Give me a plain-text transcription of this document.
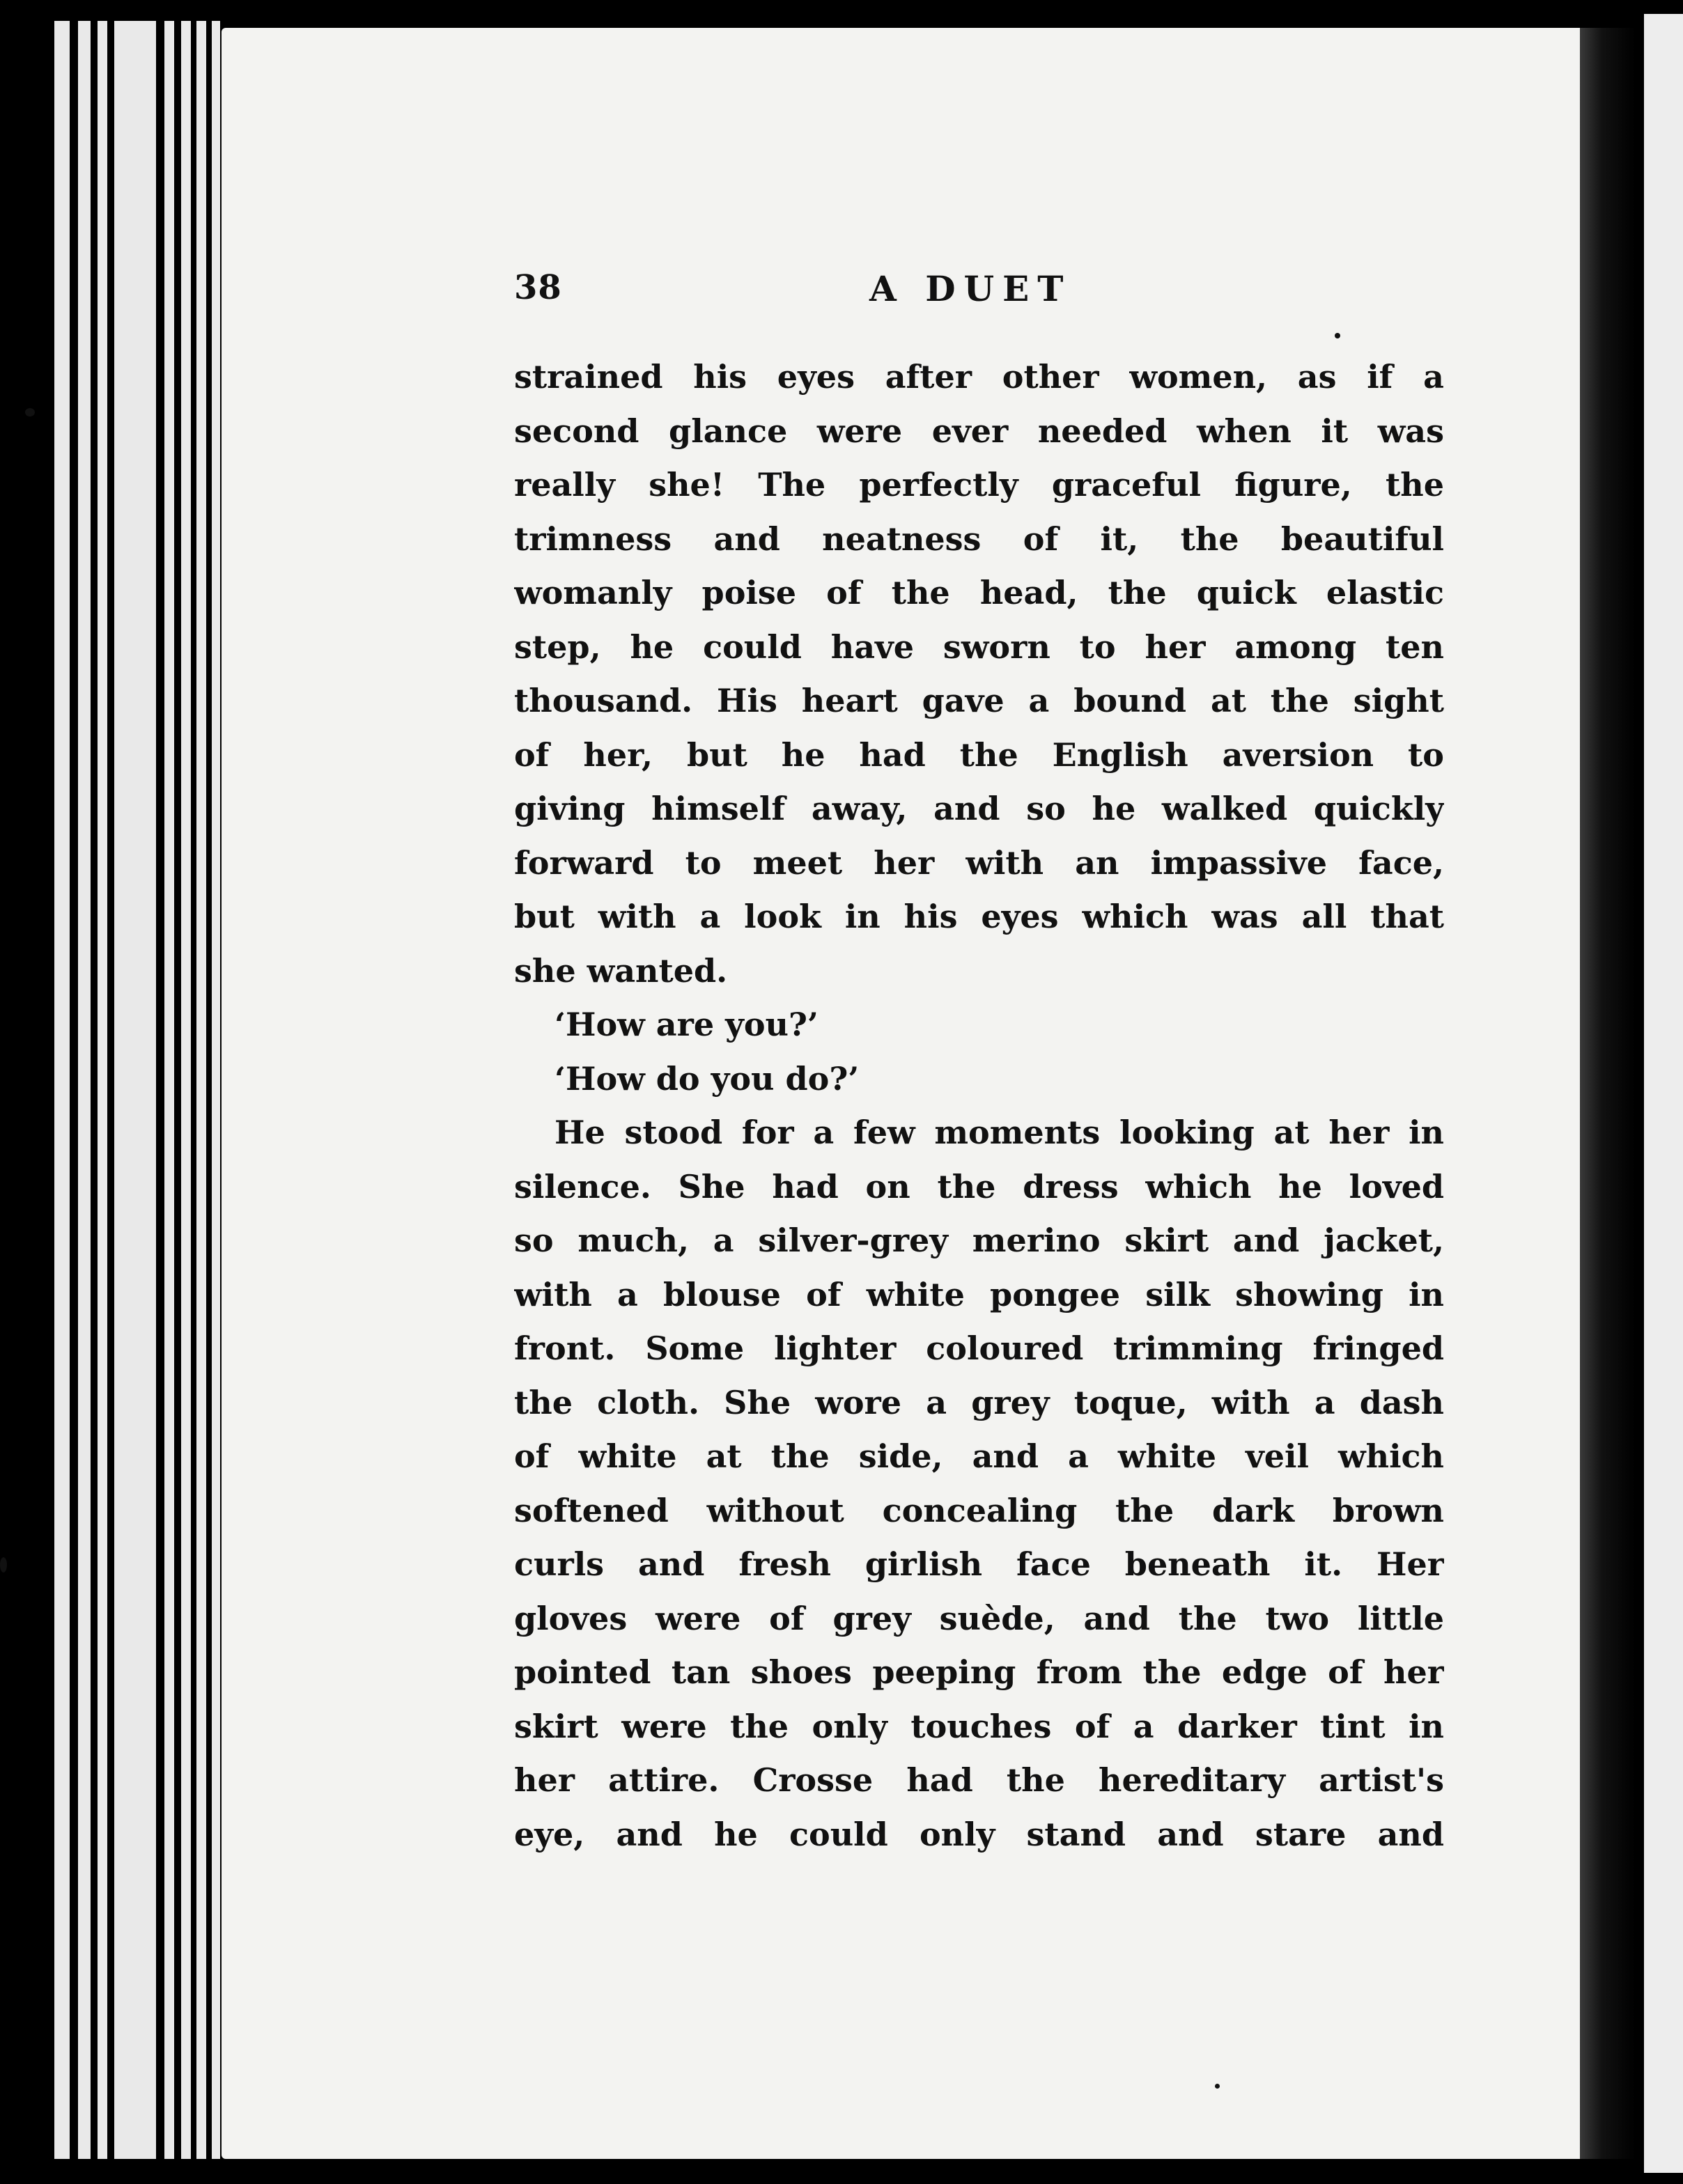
38	A DUET
strained his eyes after other women, as if a
second glance were ever needed when it was
really she! The perfectly graceful figure, the
trimness and neatness of it, the beautiful
womanly poise of the head, the quick elastic
step, he could have sworn to her among ten
thousand. His heart gave a bound at the sight
of her, but he had the English aversion to
giving himself away, and so he walked quickly
forward to meet her with an impassive face,
but with a look in his eyes which was all that
she wanted.
‘How are you?’
‘How do you do?’
He stood for a few moments looking at her in
silence. She had on the dress which he loved
so much, a silver-grey merino skirt and jacket,
with a blouse of white pongee silk showing in
front. Some lighter coloured trimming fringed
the cloth. She wore a grey toque, with a dash
of white at the side, and a white veil which
softened without concealing the dark brown
curls and fresh girlish face beneath it. Her
gloves were of grey suède, and the two little
pointed tan shoes peeping from the edge of her
skirt were the only touches of a darker tint in
her attire. Crosse had the hereditary artist's
eye, and he could only stand and stare and
